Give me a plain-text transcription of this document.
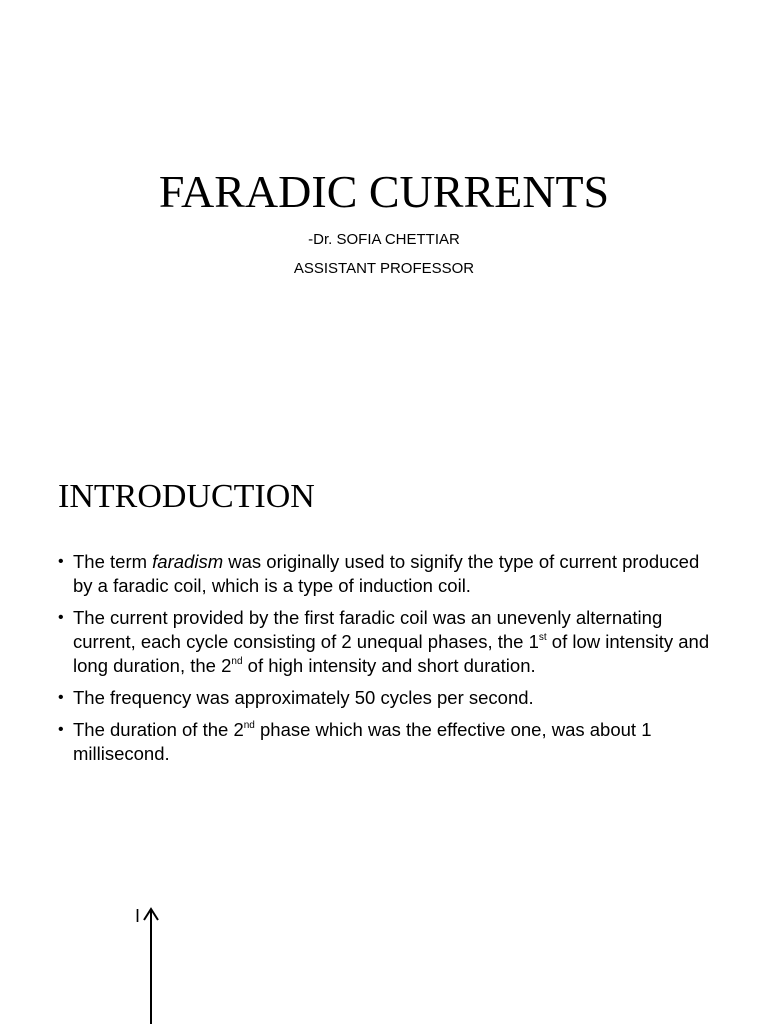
FARADIC CURRENTS

-Dr. SOFIA CHETTIAR

ASSISTANT PROFESSOR

INTRODUCTION
• The term faradism was originally used to signify the type of current produced by a faradic coil, which is a type of induction coil.
• The current provided by the first faradic coil was an unevenly alternating current, each cycle consisting of 2 unequal phases, the 1st of low intensity and long duration, the 2nd of high intensity and short duration.
• The frequency was approximately 50 cycles per second.
• The duration of the 2nd phase which was the effective one, was about 1 millisecond.
I
